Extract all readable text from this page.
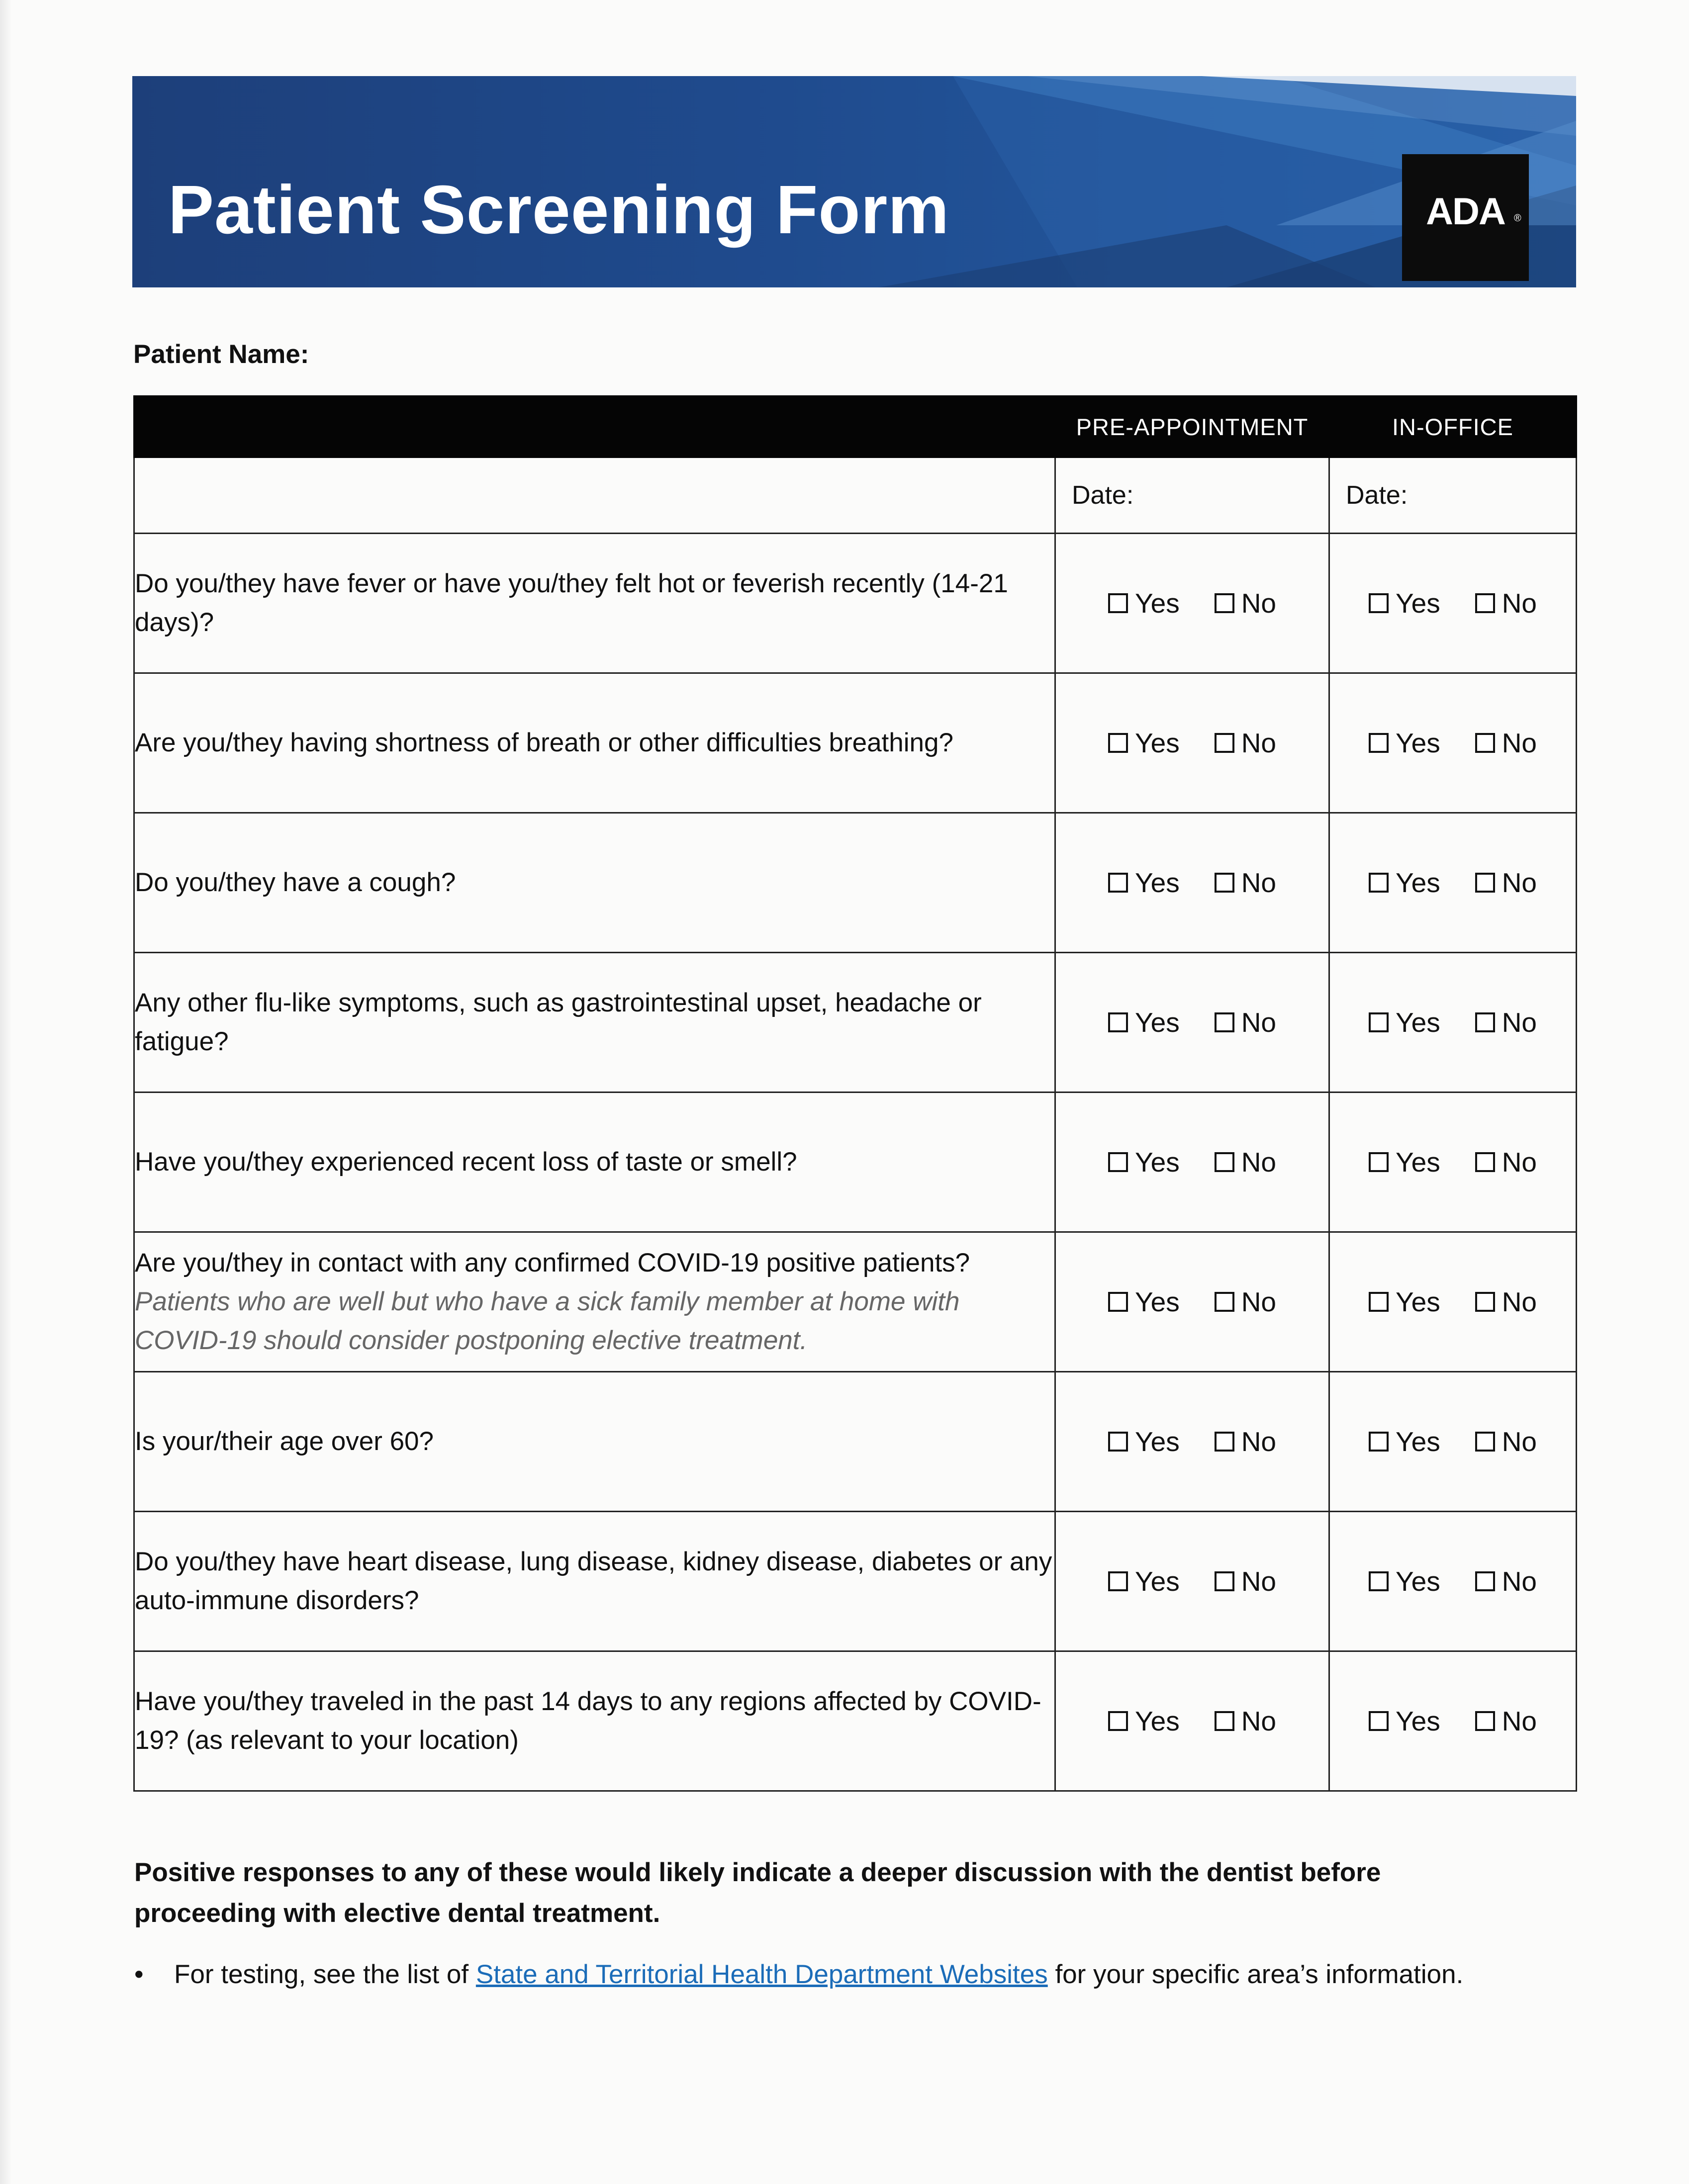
Patient Screening Form	ADA ®
Patient Name:
	PRE-APPOINTMENT	IN-OFFICE
	Date:	Date:
Do you/they have fever or have you/they felt hot or feverish recently (14-21 days)?	Yes No	Yes No

Are you/they having shortness of breath or other difficulties breathing?	Yes No	Yes No

Do you/they have a cough?	Yes No	Yes No

Any other flu-like symptoms, such as gastrointestinal upset, headache or fatigue?	Yes No	Yes No

Have you/they experienced recent loss of taste or smell?	Yes No	Yes No

Are you/they in contact with any confirmed COVID-19 positive patients?
Patients who are well but who have a sick family member at home with COVID-19 should consider postponing elective treatment.	Yes No	Yes No

Is your/their age over 60?	Yes No	Yes No

Do you/they have heart disease, lung disease, kidney disease, diabetes or any auto-immune disorders?	Yes No	Yes No

Have you/they traveled in the past 14 days to any regions affected by COVID-19? (as relevant to your location)	Yes No	Yes No
Positive responses to any of these would likely indicate a deeper discussion with the dentist before proceeding with elective dental treatment.
• For testing, see the list of State and Territorial Health Department Websites for your specific area’s information.
